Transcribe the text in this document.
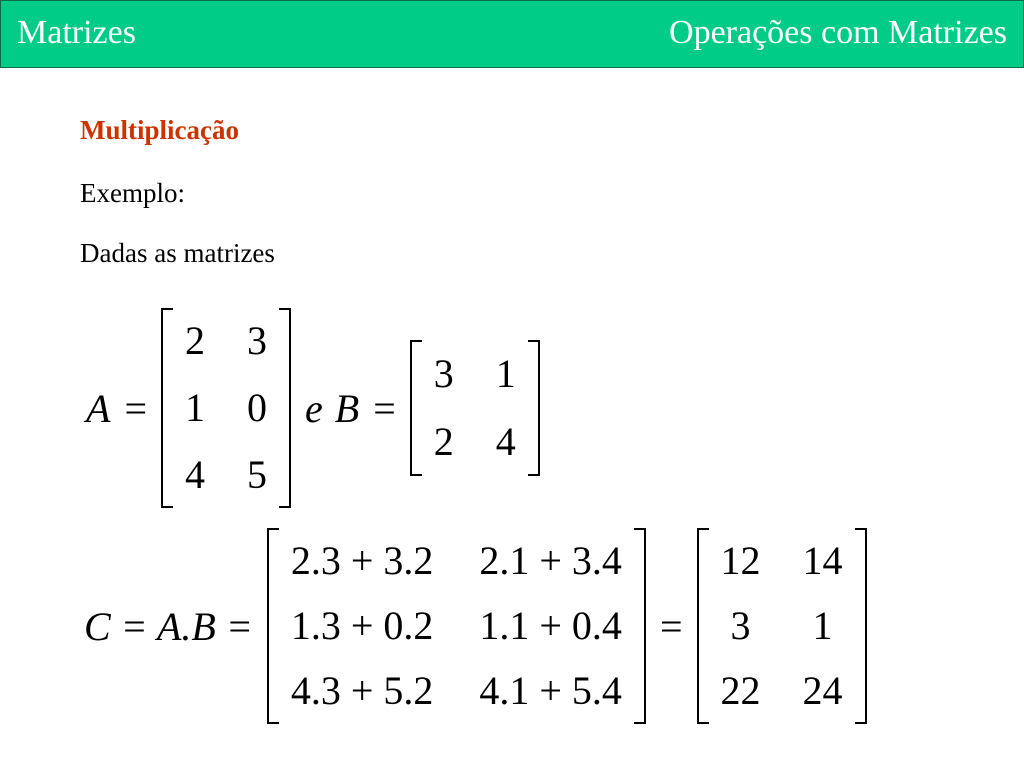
Matrizes	Operações com Matrizes
Multiplicação
Exemplo:
Dadas as matrizes
A =
2 3
1 0
4 5
e B =
3 1
2 4
C = A.B =
2.3 + 3.2 2.1 + 3.4
1.3 + 0.2 1.1 + 0.4
4.3 + 5.2 4.1 + 5.4
=
12 14
3 1
22 24
